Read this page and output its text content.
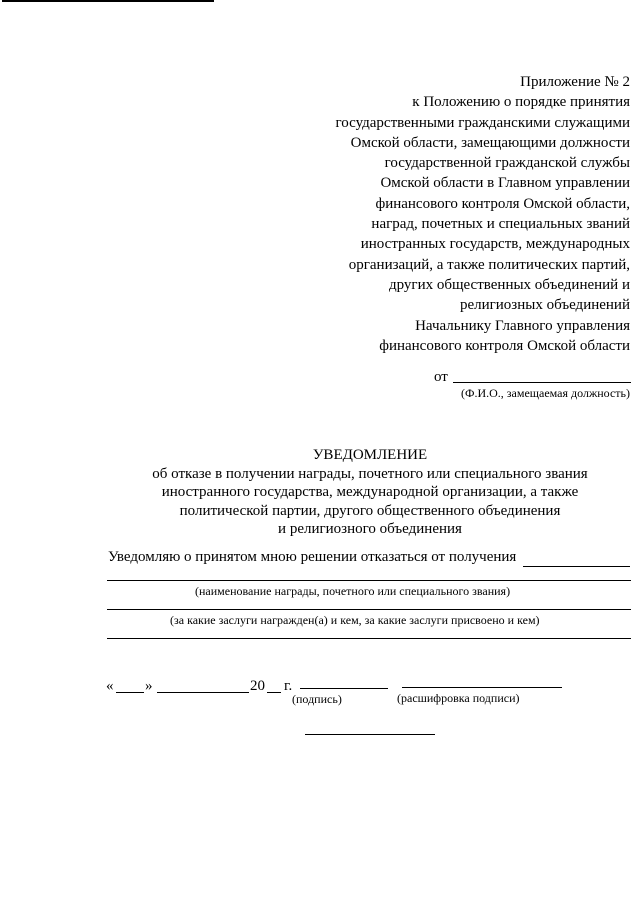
Приложение № 2
к Положению о порядке принятия
государственными гражданскими служащими
Омской области, замещающими должности
государственной гражданской службы
Омской области в Главном управлении
финансового контроля Омской области,
наград, почетных и специальных званий
иностранных государств, международных
организаций, а также политических партий,
других общественных объединений и
религиозных объединений
Начальнику Главного управления
финансового контроля Омской области
от
(Ф.И.О., замещаемая должность)
УВЕДОМЛЕНИЕ
об отказе в получении награды, почетного или специального звания
иностранного государства, международной организации, а также
политической партии, другого общественного объединения
и религиозного объединения
Уведомляю о принятом мною решении отказаться от получения
(наименование награды, почетного или специального звания)
(за какие заслуги награжден(а) и кем, за какие заслуги присвоено и кем)
« »	20 г.
(подпись)	(расшифровка подписи)
